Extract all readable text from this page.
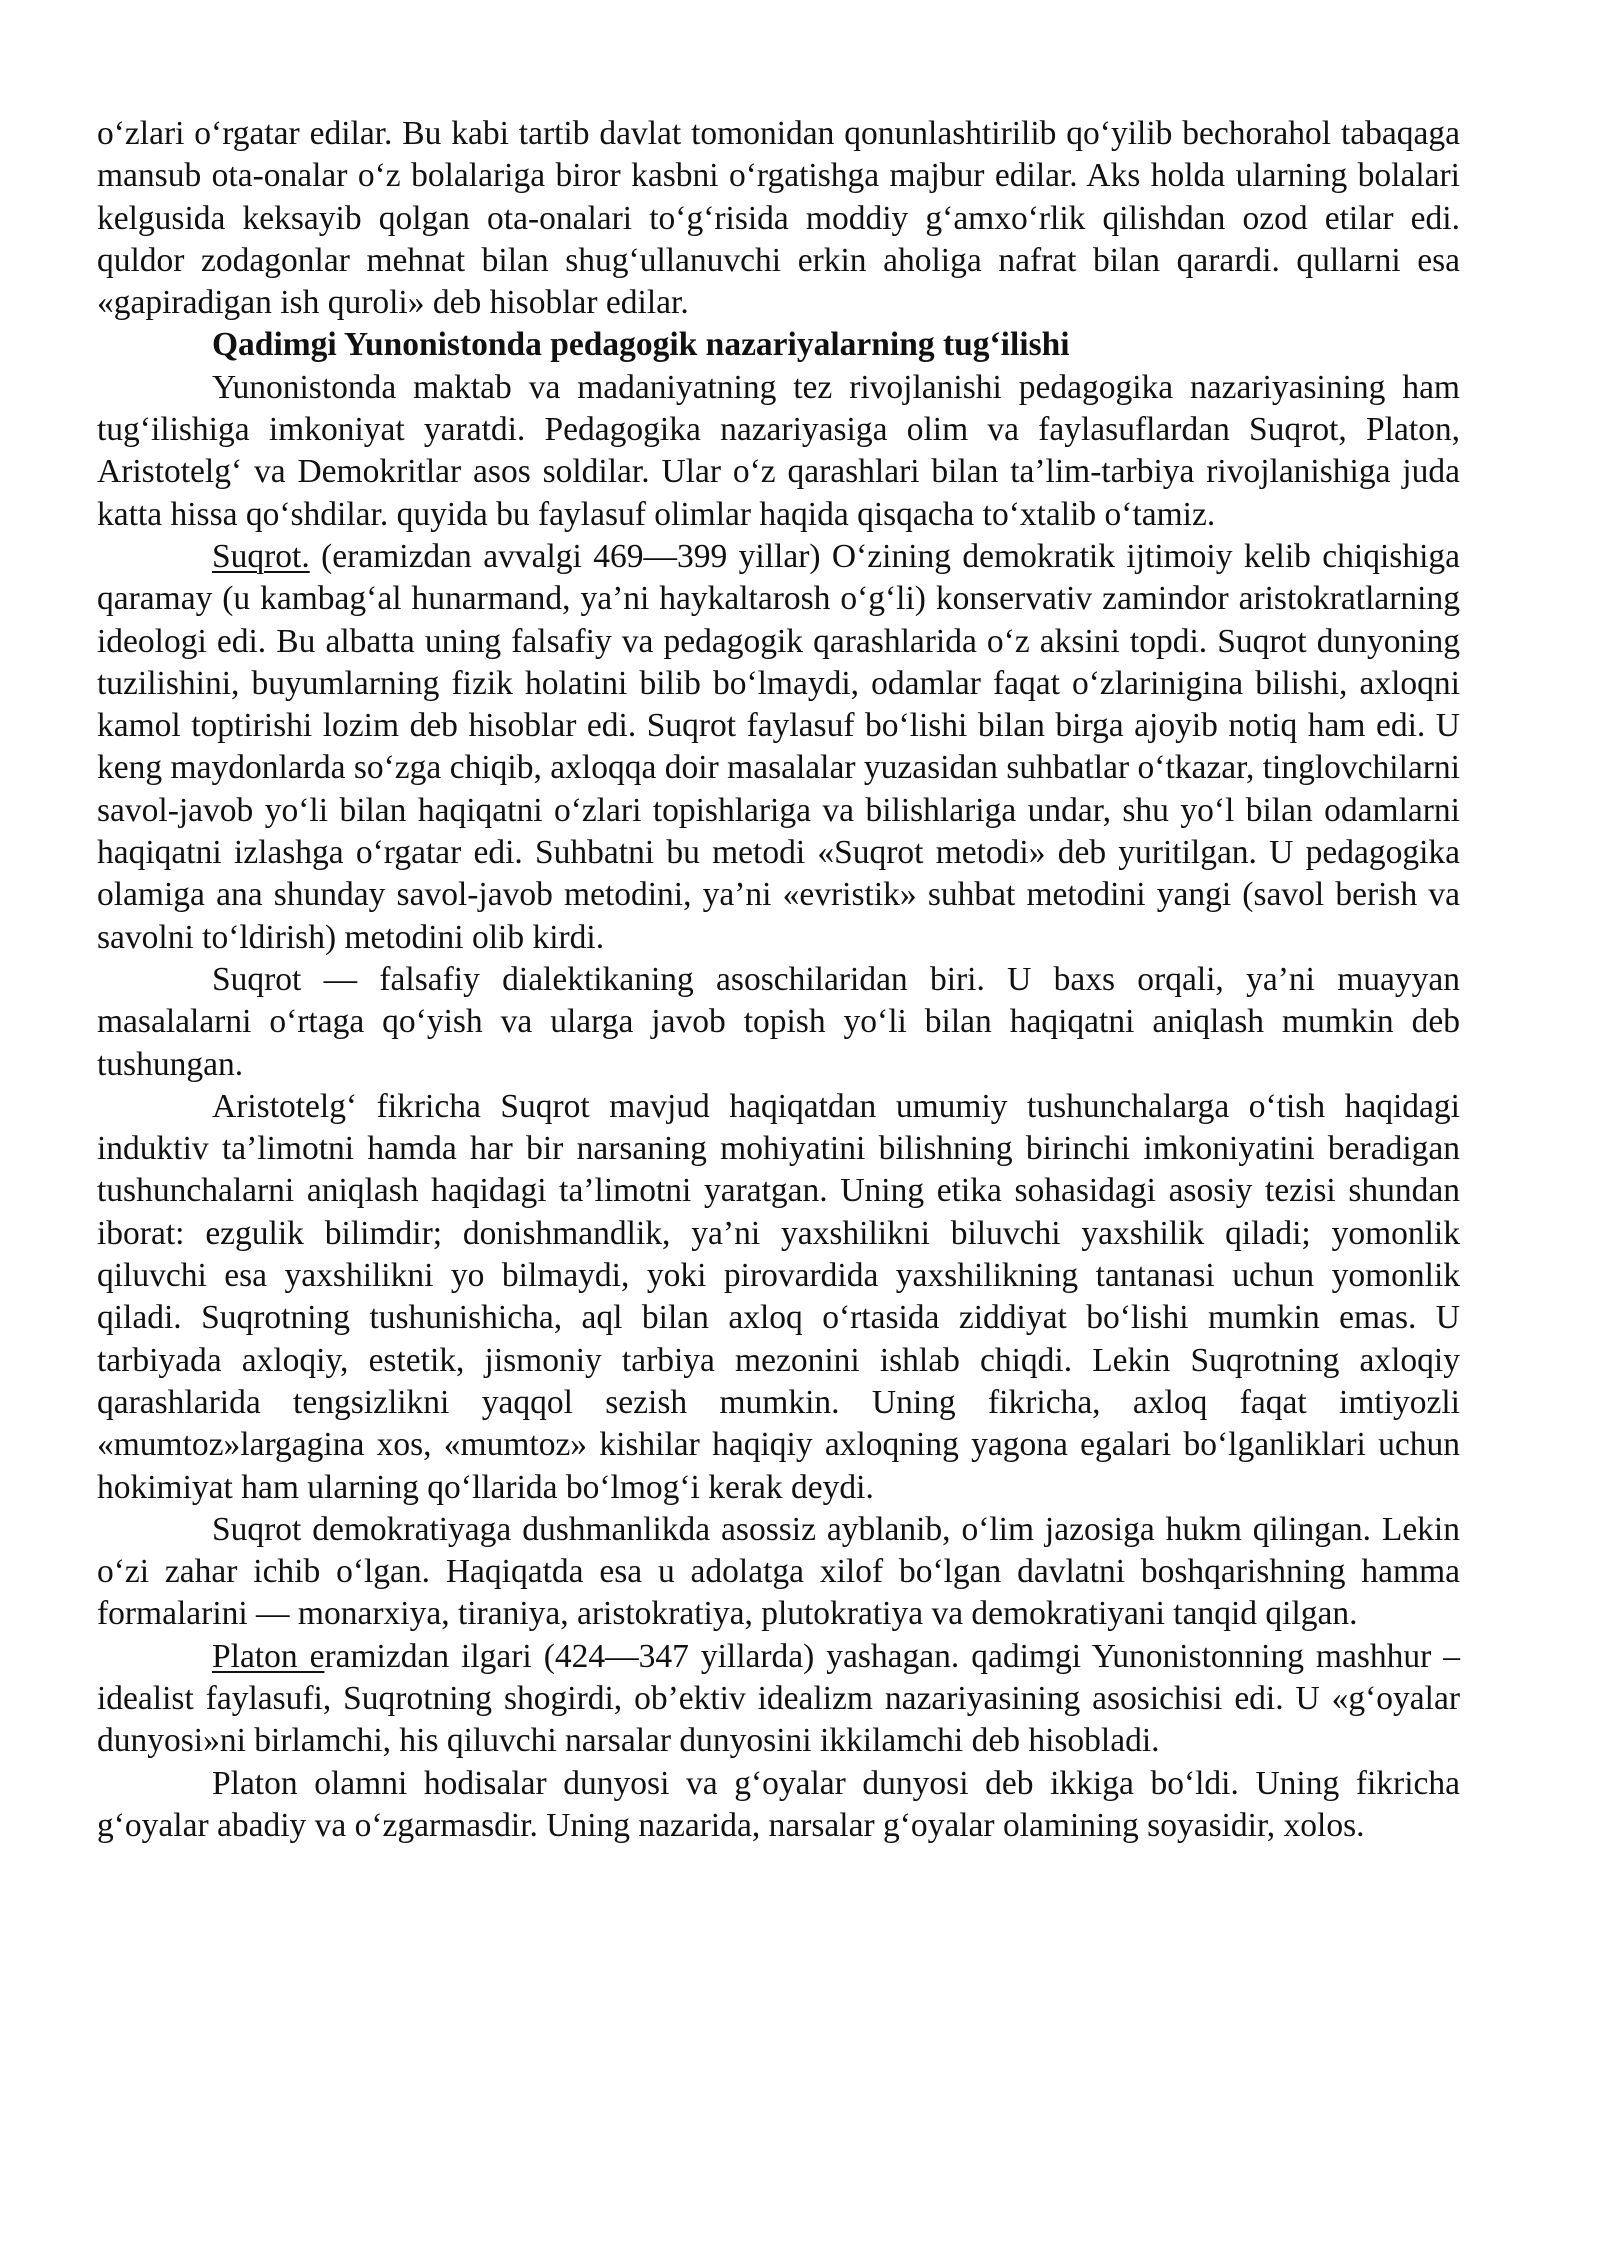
o‘zlari o‘rgatar edilar. Bu kabi tartib davlat tomonidan qonunlashtirilib qo‘yilib bechorahol tabaqaga mansub ota-onalar o‘z bolalariga biror kasbni o‘rgatishga majbur edilar. Aks holda ularning bolalari kelgusida keksayib qolgan ota-onalari to‘g‘risida moddiy g‘amxo‘rlik qilishdan ozod etilar edi. quldor zodagonlar mehnat bilan shug‘ullanuvchi erkin aholiga nafrat bilan qarardi. qullarni esa «gapiradigan ish quroli» deb hisoblar edilar.

Qadimgi Yunonistonda pedagogik nazariyalarning tug‘ilishi

Yunonistonda maktab va madaniyatning tez rivojlanishi pedagogika nazariyasining ham tug‘ilishiga imkoniyat yaratdi. Pedagogika nazariyasiga olim va faylasuflardan Suqrot, Platon, Aristotelg‘ va Demokritlar asos soldilar. Ular o‘z qarashlari bilan ta’lim-tarbiya rivojlanishiga juda katta hissa qo‘shdilar. quyida bu faylasuf olimlar haqida qisqacha to‘xtalib o‘tamiz.

Suqrot. (eramizdan avvalgi 469—399 yillar) O‘zining demokratik ijtimoiy kelib chiqishiga qaramay (u kambag‘al hunarmand, ya’ni haykaltarosh o‘g‘li) konservativ zamindor aristokratlarning ideologi edi. Bu albatta uning falsafiy va pedagogik qarashlarida o‘z aksini topdi. Suqrot dunyoning tuzilishini, buyumlarning fizik holatini bilib bo‘lmaydi, odamlar faqat o‘zlarinigina bilishi, axloqni kamol toptirishi lozim deb hisoblar edi. Suqrot faylasuf bo‘lishi bilan birga ajoyib notiq ham edi. U keng maydonlarda so‘zga chiqib, axloqqa doir masalalar yuzasidan suhbatlar o‘tkazar, tinglovchilarni savol-javob yo‘li bilan haqiqatni o‘zlari topishlariga va bilishlariga undar, shu yo‘l bilan odamlarni haqiqatni izlashga o‘rgatar edi. Suhbatni bu metodi «Suqrot metodi» deb yuritilgan. U pedagogika olamiga ana shunday savol-javob metodini, ya’ni «evristik» suhbat metodini yangi (savol berish va savolni to‘ldirish) metodini olib kirdi.

Suqrot — falsafiy dialektikaning asoschilaridan biri. U baxs orqali, ya’ni muayyan masalalarni o‘rtaga qo‘yish va ularga javob topish yo‘li bilan haqiqatni aniqlash mumkin deb tushungan.

Aristotelg‘ fikricha Suqrot mavjud haqiqatdan umumiy tushunchalarga o‘tish haqidagi induktiv ta’limotni hamda har bir narsaning mohiyatini bilishning birinchi imkoniyatini beradigan tushunchalarni aniqlash haqidagi ta’limotni yaratgan. Uning etika sohasidagi asosiy tezisi shundan iborat: ezgulik bilimdir; donishmandlik, ya’ni yaxshilikni biluvchi yaxshilik qiladi; yomonlik qiluvchi esa yaxshilikni yo bilmaydi, yoki pirovardida yaxshilikning tantanasi uchun yomonlik qiladi. Suqrotning tushunishicha, aql bilan axloq o‘rtasida ziddiyat bo‘lishi mumkin emas. U tarbiyada axloqiy, estetik, jismoniy tarbiya mezonini ishlab chiqdi. Lekin Suqrotning axloqiy qarashlarida tengsizlikni yaqqol sezish mumkin. Uning fikricha, axloq faqat imtiyozli «mumtoz»largagina xos, «mumtoz» kishilar haqiqiy axloqning yagona egalari bo‘lganliklari uchun hokimiyat ham ularning qo‘llarida bo‘lmog‘i kerak deydi.

Suqrot demokratiyaga dushmanlikda asossiz ayblanib, o‘lim jazosiga hukm qilingan. Lekin o‘zi zahar ichib o‘lgan. Haqiqatda esa u adolatga xilof bo‘lgan davlatni boshqarishning hamma formalarini — monarxiya, tiraniya, aristokratiya, plutokratiya va demokratiyani tanqid qilgan.

Platon eramizdan ilgari (424—347 yillarda) yashagan. qadimgi Yunonistonning mashhur – idealist faylasufi, Suqrotning shogirdi, ob’ektiv idealizm nazariyasining asosichisi edi. U «g‘oyalar dunyosi»ni birlamchi, his qiluvchi narsalar dunyosini ikkilamchi deb hisobladi.

Platon olamni hodisalar dunyosi va g‘oyalar dunyosi deb ikkiga bo‘ldi. Uning fikricha g‘oyalar abadiy va o‘zgarmasdir. Uning nazarida, narsalar g‘oyalar olamining soyasidir, xolos.
